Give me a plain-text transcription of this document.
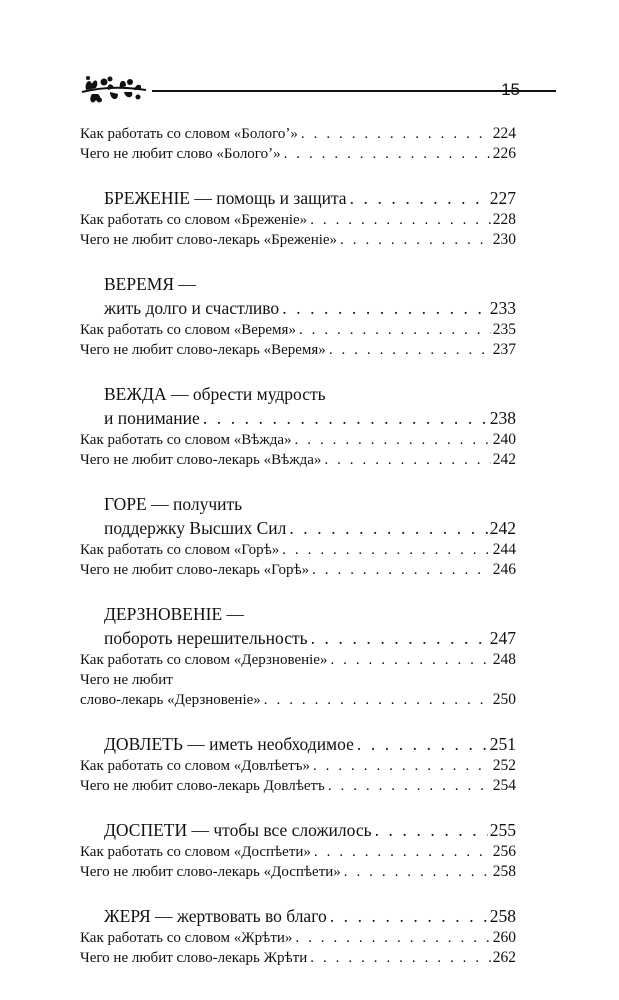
15
Как работать со словом «Бологоʼ» . . .	224
Чего не любит слово «Бологоʼ» . . .	226
БРЕЖЕНІЕ — помощь и защита . . .	227
Как работать со словом «Бреженіе» . . .	228
Чего не любит слово-лекарь «Бреженіе» . . .	230
ВЕРЕМЯ —
жить долго и счастливо . . .	233
Как работать со словом «Веремя» . . .	235
Чего не любит слово-лекарь «Веремя» . . .	237
ВЕЖДА — обрести мудрость
и понимание . . .	238
Как работать со словом «Вѣжда» . . .	240
Чего не любит слово-лекарь «Вѣжда» . . .	242
ГОРЕ — получить
поддержку Высших Сил . . .	242
Как работать со словом «Горѣ» . . .	244
Чего не любит слово-лекарь «Горѣ» . . .	246
ДЕРЗНОВЕНІЕ —
побороть нерешительность . . .	247
Как работать со словом «Дерзновеніе» . . .	248
Чего не любит
слово-лекарь «Дерзновеніе» . . .	250
ДОВЛЕТЬ — иметь необходимое . . .	251
Как работать со словом «Довлѣетъ» . . .	252
Чего не любит слово-лекарь Довлѣетъ . . .	254
ДОСПЕТИ — чтобы все сложилось . . .	255
Как работать со словом «Доспѣети» . . .	256
Чего не любит слово-лекарь «Доспѣети» . . .	258
ЖЕРЯ — жертвовать во благо . . .	258
Как работать со словом «Жрѣти» . . .	260
Чего не любит слово-лекарь Жрѣти . . .	262
